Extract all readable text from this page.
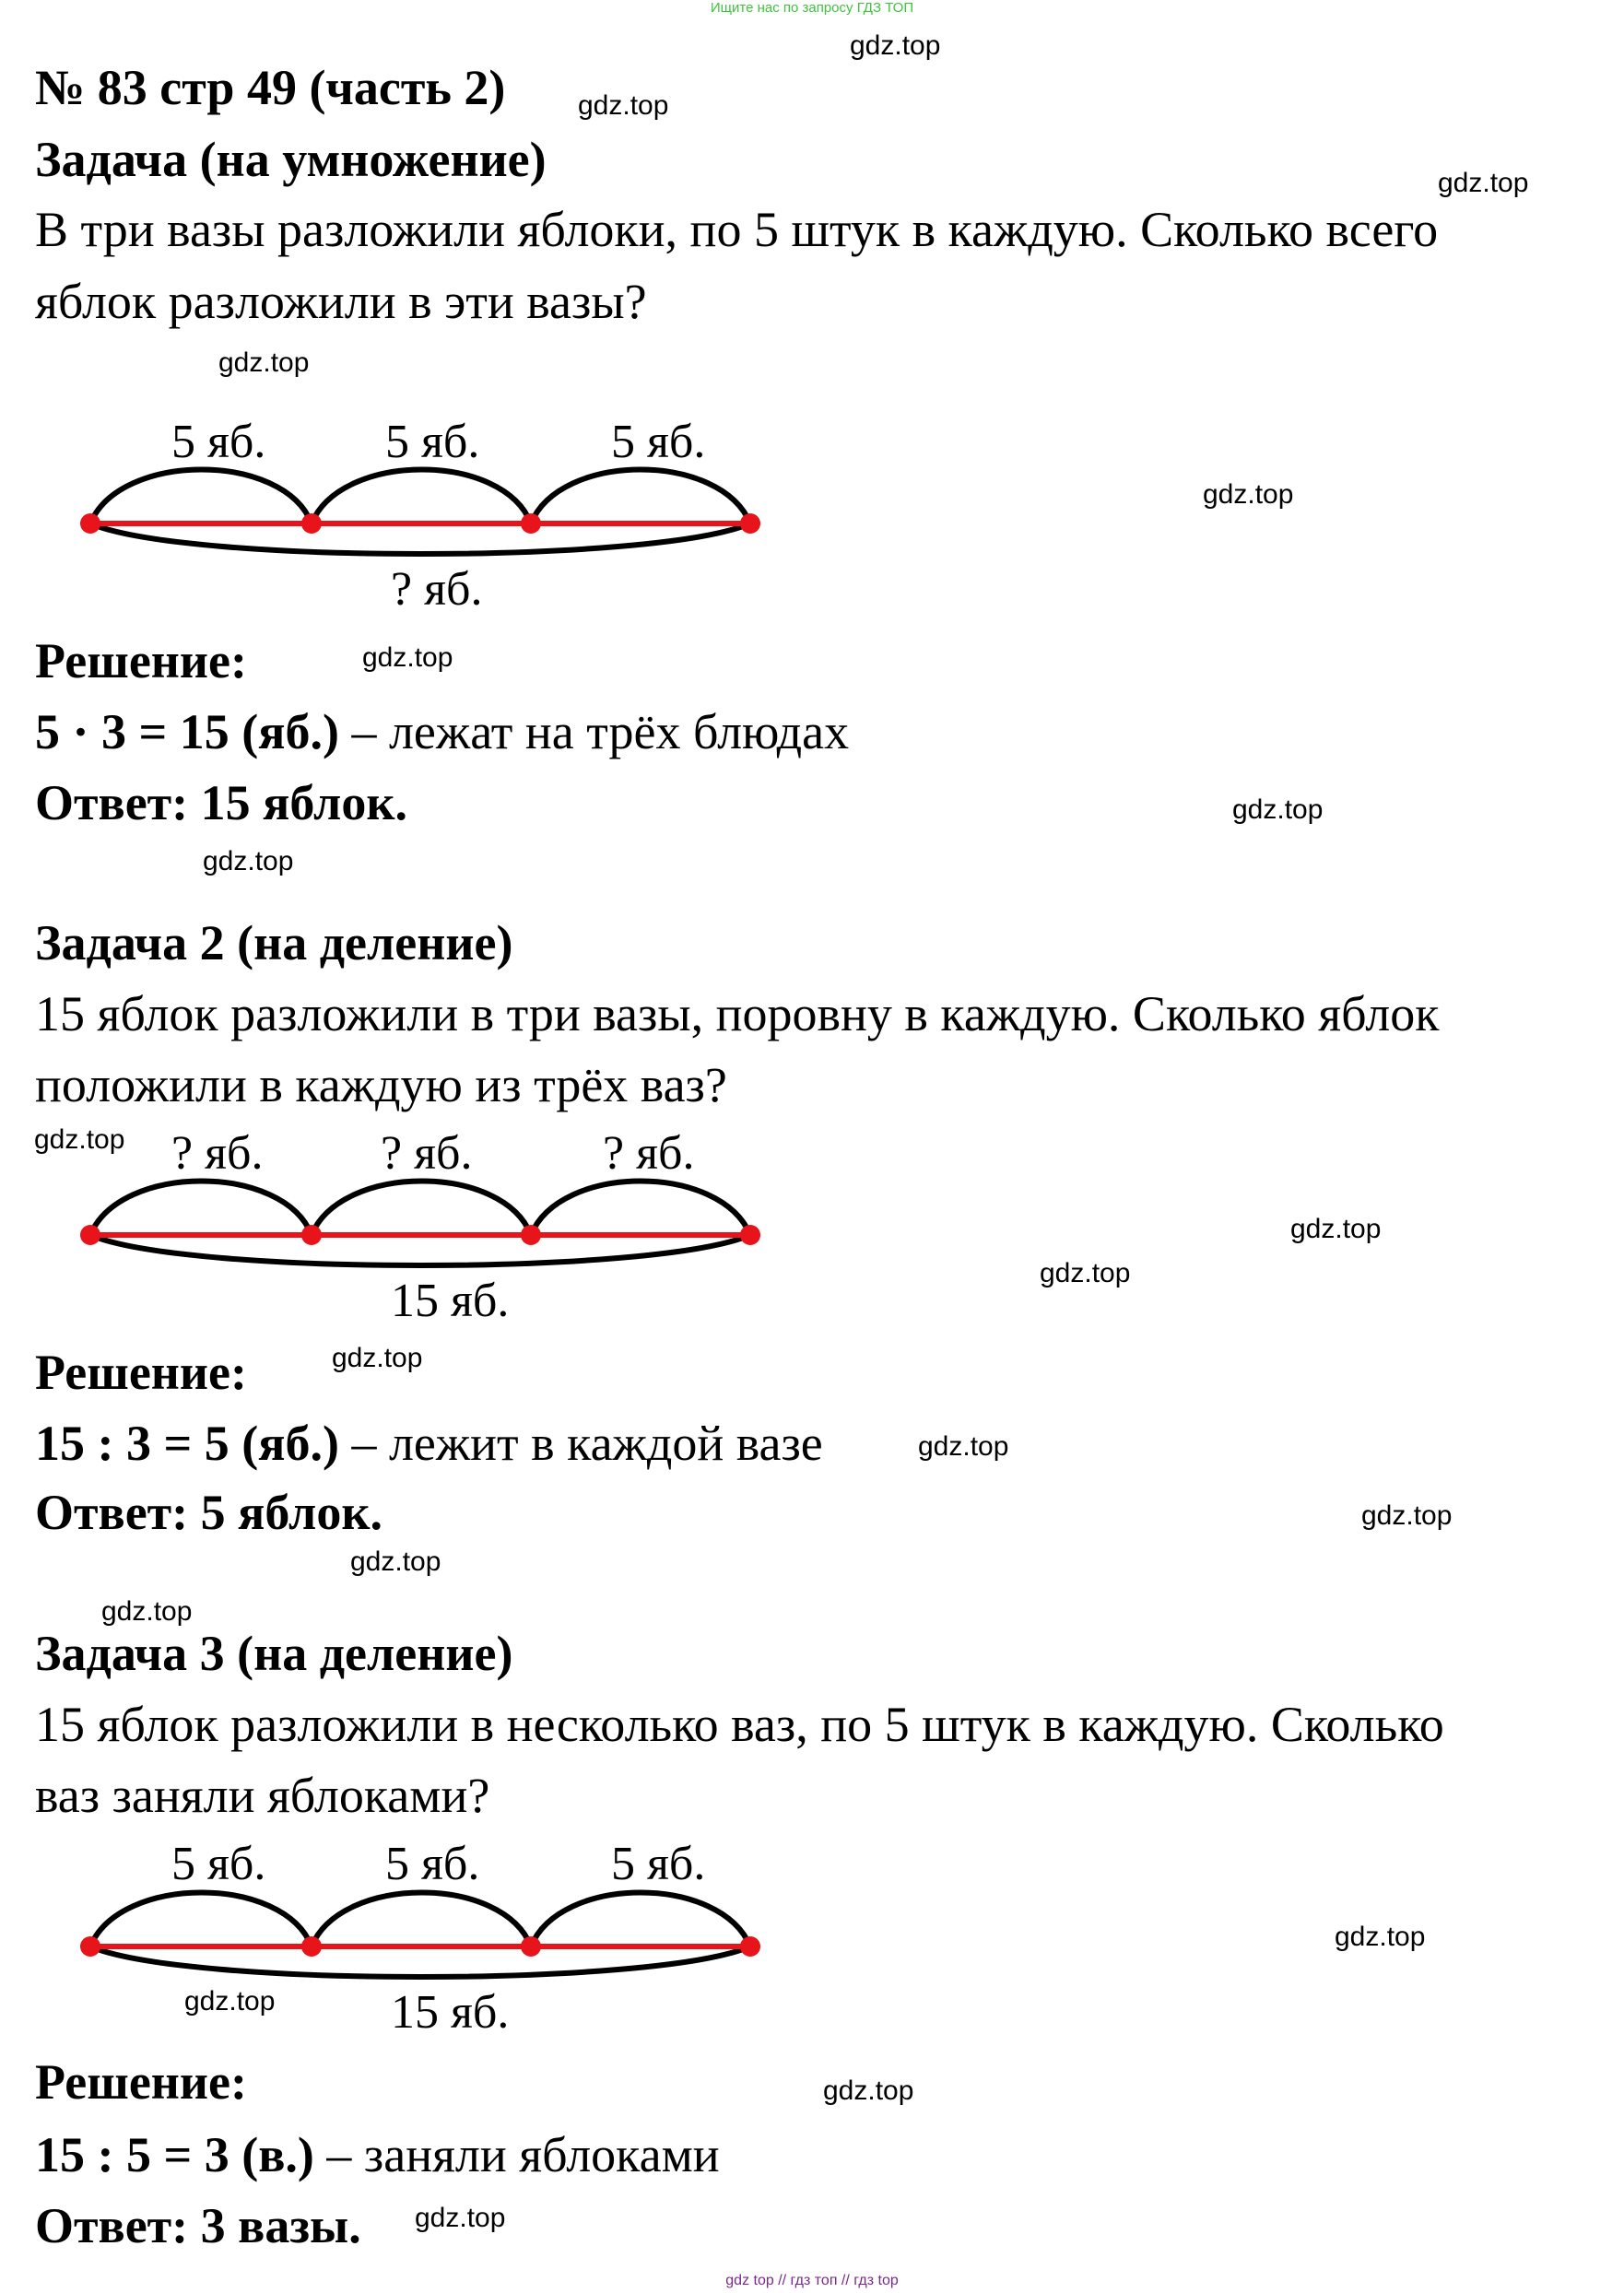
Ищите нас по запросу ГДЗ ТОП
gdz.top
gdz.top
gdz.top
gdz.top
gdz.top
gdz.top
gdz.top
gdz.top
gdz.top
gdz.top
gdz.top
gdz.top
gdz.top
gdz.top
gdz.top
gdz.top
gdz.top
gdz.top
gdz.top
gdz.top
№ 83 стр 49 (часть 2)
Задача (на умножение)
В три вазы разложили яблоки, по 5 штук в каждую. Сколько всего
яблок разложили в эти вазы?
5 яб. 5 яб.	5 яб.
? яб.
Решение:
5 · 3 = 15 (яб.) – лежат на трёх блюдах
Ответ: 15 яблок.
Задача 2 (на деление)
15 яблок разложили в три вазы, поровну в каждую. Сколько яблок
положили в каждую из трёх ваз?
? яб. ? яб.	? яб.
15 яб.
Решение:
15 : 3 = 5 (яб.) – лежит в каждой вазе
Ответ: 5 яблок.
Задача 3 (на деление)
15 яблок разложили в несколько ваз, по 5 штук в каждую. Сколько
ваз заняли яблоками?
5 яб. 5 яб.	5 яб.
15 яб.
Решение:
15 : 5 = 3 (в.) – заняли яблоками
Ответ: 3 вазы.
gdz top // гдз топ // гдз top
